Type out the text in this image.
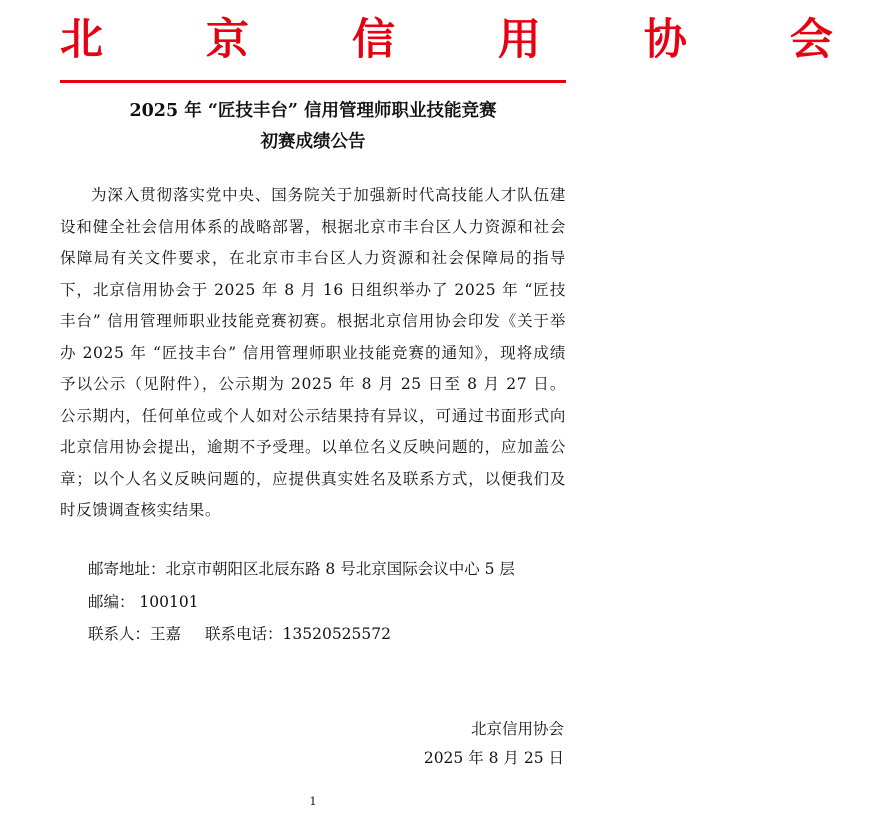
北 京 信 用 协 会
2025 年 “匠技丰台” 信用管理师职业技能竞赛
初赛成绩公告
为深入贯彻落实党中央、国务院关于加强新时代高技能人才队伍建设和健全社会信用体系的战略部署，根据北京市丰台区人力资源和社会保障局有关文件要求，在北京市丰台区人力资源和社会保障局的指导下，北京信用协会于 2025 年 8 月 16 日组织举办了 2025 年 “匠技丰台” 信用管理师职业技能竞赛初赛。根据北京信用协会印发《关于举办 2025 年 “匠技丰台” 信用管理师职业技能竞赛的通知》，现将成绩予以公示（见附件），公示期为 2025 年 8 月 25 日至 8 月 27 日。公示期内，任何单位或个人如对公示结果持有异议，可通过书面形式向北京信用协会提出，逾期不予受理。以单位名义反映问题的，应加盖公章；以个人名义反映问题的，应提供真实姓名及联系方式，以便我们及时反馈调查核实结果。
邮寄地址：北京市朝阳区北辰东路 8 号北京国际会议中心 5 层
邮编： 100101
联系人：王嘉 联系电话：13520525572
北京信用协会
2025 年 8 月 25 日
1
